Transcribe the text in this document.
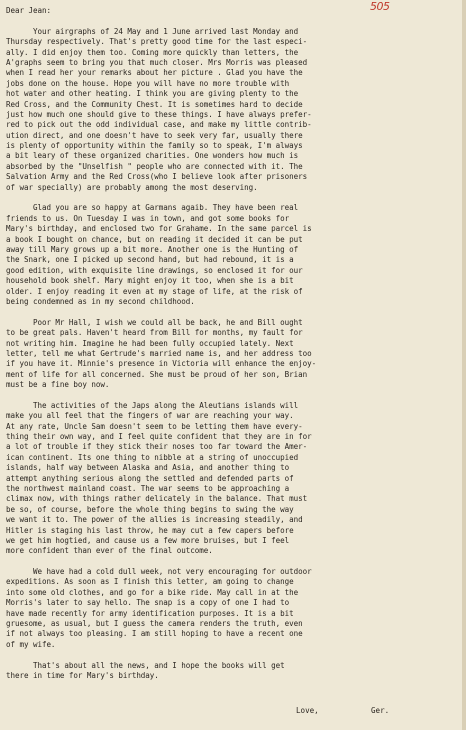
505
Dear Jean:
Your airgraphs of 24 May and 1 June arrived last Monday and
Thursday respectively. That's pretty good time for the last especi-
ally. I did enjoy them too. Coming more quickly than letters, the
A'graphs seem to bring you that much closer. Mrs Morris was pleased
when I read her your remarks about her picture . Glad you have the
jobs done on the house. Hope you will have no more trouble with
hot water and other heating. I think you are giving plenty to the
Red Cross, and the Community Chest. It is sometimes hard to decide
just how much one should give to these things. I have always prefer-
red to pick out the odd individual case, and make my little contrib-
ution direct, and one doesn't have to seek very far, usually there
is plenty of opportunity within the family so to speak, I'm always
a bit leary of these organized charities. One wonders how much is
absorbed by the "Unselfish " people who are connected with it. The
Salvation Army and the Red Cross(who I believe look after prisoners
of war specially) are probably among the most deserving.
Glad you are so happy at Garmans agaib. They have been real
friends to us. On Tuesday I was in town, and got some books for
Mary's birthday, and enclosed two for Grahame. In the same parcel is
a book I bought on chance, but on reading it decided it can be put
away till Mary grows up a bit more. Another one is the Hunting of
the Snark, one I picked up second hand, but had rebound, it is a
good edition, with exquisite line drawings, so enclosed it for our
household book shelf. Mary might enjoy it too, when she is a bit
older. I enjoy reading it even at my stage of life, at the risk of
being condemned as in my second childhood.
Poor Mr Hall, I wish we could all be back, he and Bill ought
to be great pals. Haven't heard from Bill for months, my fault for
not writing him. Imagine he had been fully occupied lately. Next
letter, tell me what Gertrude's married name is, and her address too
if you have it. Minnie's presence in Victoria will enhance the enjoy-
ment of life for all concerned. She must be proud of her son, Brian
must be a fine boy now.
The activities of the Japs along the Aleutians islands will
make you all feel that the fingers of war are reaching your way.
At any rate, Uncle Sam doesn't seem to be letting them have every-
thing their own way, and I feel quite confident that they are in for
a lot of trouble if they stick their noses too far toward the Amer-
ican continent. Its one thing to nibble at a string of unoccupied
islands, half way between Alaska and Asia, and another thing to
attempt anything serious along the settled and defended parts of
the northwest mainland coast. The war seems to be approaching a
climax now, with things rather delicately in the balance. That must
be so, of course, before the whole thing begins to swing the way
we want it to. The power of the allies is increasing steadily, and
Hitler is staging his last throw, he may cut a few capers before
we get him hogtied, and cause us a few more bruises, but I feel
more confident than ever of the final outcome.
We have had a cold dull week, not very encouraging for outdoor
expeditions. As soon as I finish this letter, am going to change
into some old clothes, and go for a bike ride. May call in at the
Morris's later to say hello. The snap is a copy of one I had to
have made recently for army identification purposes. It is a bit
gruesome, as usual, but I guess the camera renders the truth, even
if not always too pleasing. I am still hoping to have a recent one
of my wife.
That's about all the news, and I hope the books will get
there in time for Mary's birthday.
Love,	Ger.
